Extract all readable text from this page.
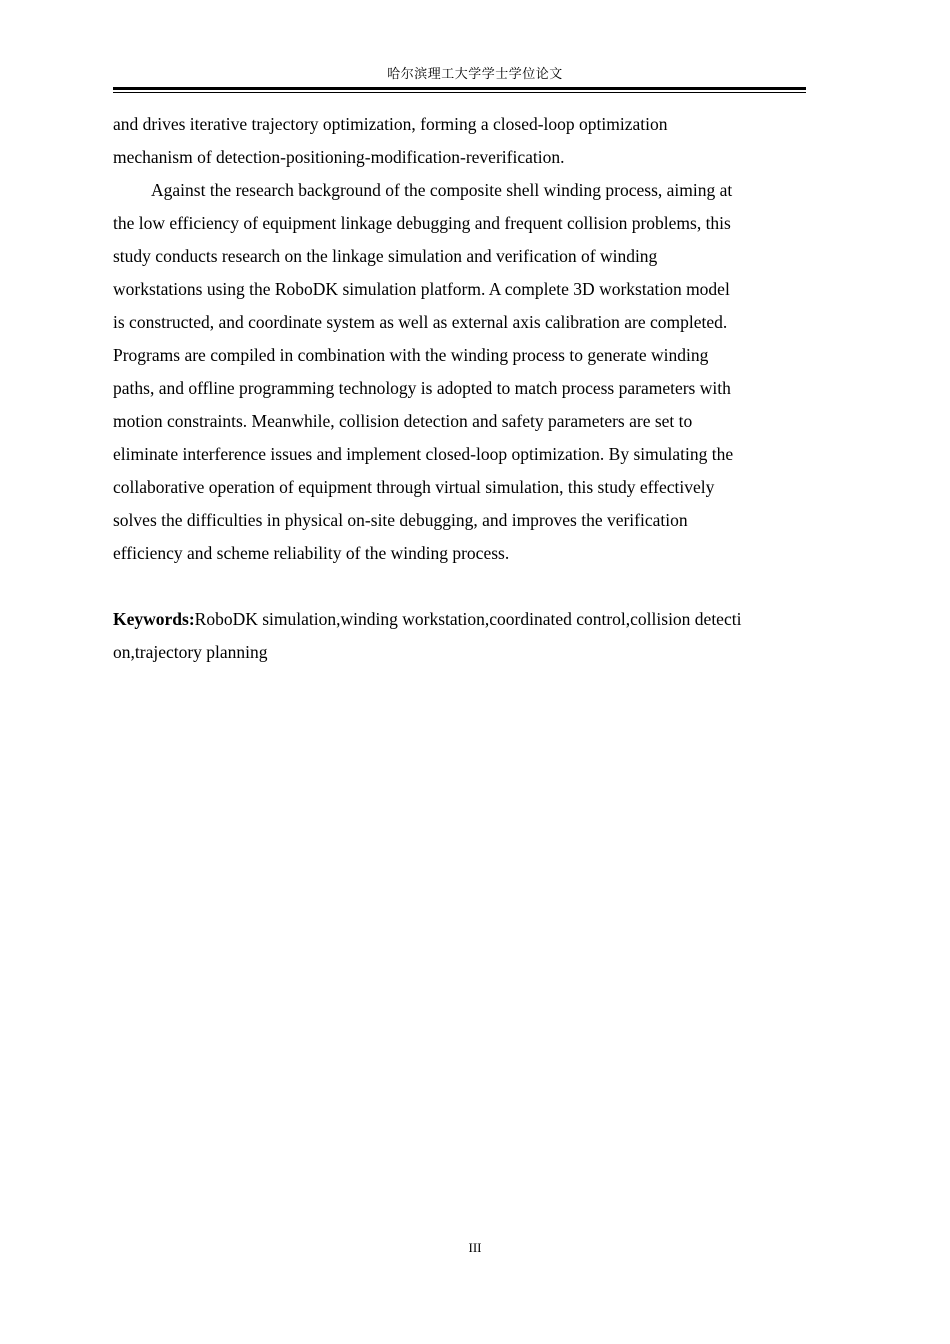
哈尔滨理工大学学士学位论文

and drives iterative trajectory optimization, forming a closed-loop optimization
mechanism of detection-positioning-modification-reverification.

Against the research background of the composite shell winding process, aiming at
the low efficiency of equipment linkage debugging and frequent collision problems, this
study conducts research on the linkage simulation and verification of winding
workstations using the RoboDK simulation platform. A complete 3D workstation model
is constructed, and coordinate system as well as external axis calibration are completed.
Programs are compiled in combination with the winding process to generate winding
paths, and offline programming technology is adopted to match process parameters with
motion constraints. Meanwhile, collision detection and safety parameters are set to
eliminate interference issues and implement closed-loop optimization. By simulating the
collaborative operation of equipment through virtual simulation, this study effectively
solves the difficulties in physical on-site debugging, and improves the verification
efficiency and scheme reliability of the winding process.

Keywords:RoboDK simulation,winding workstation,coordinated control,collision detecti
on,trajectory planning

III
